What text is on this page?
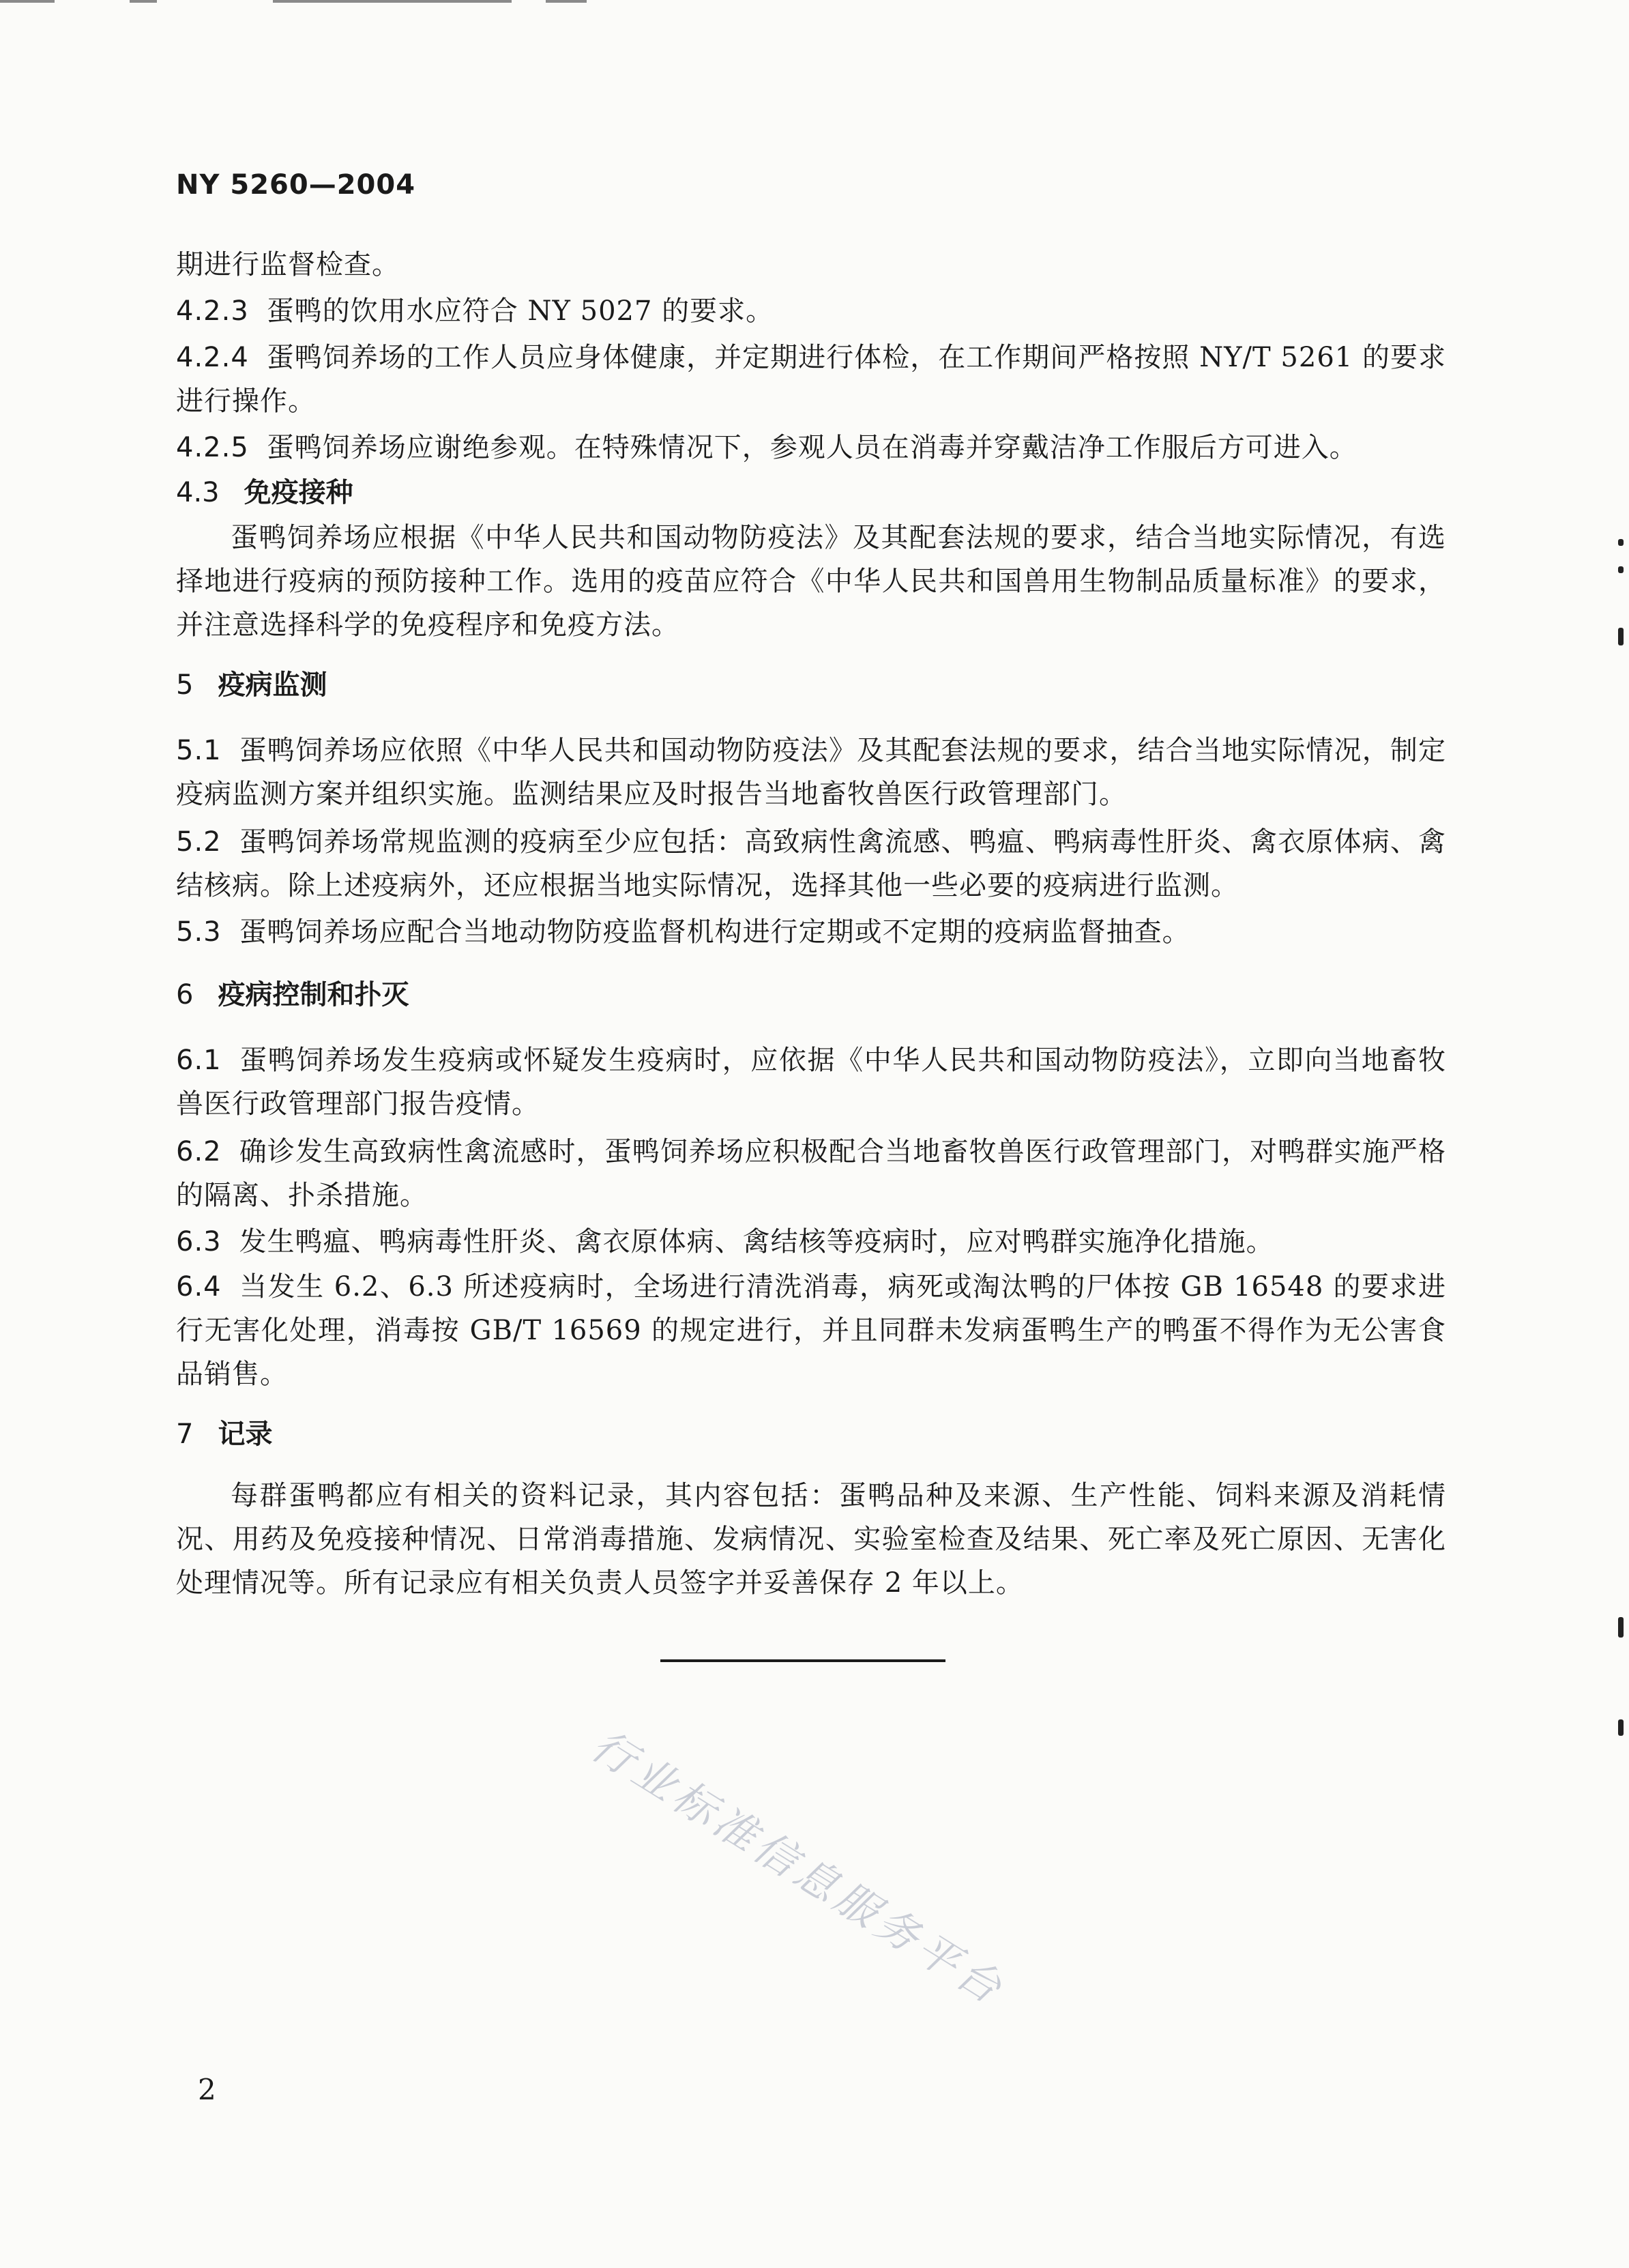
NY 5260—2004

期进行监督检查。

4.2.3 蛋鸭的饮用水应符合 NY 5027 的要求。

4.2.4 蛋鸭饲养场的工作人员应身体健康，并定期进行体检，在工作期间严格按照 NY/T 5261 的要求进行操作。

4.2.5 蛋鸭饲养场应谢绝参观。在特殊情况下，参观人员在消毒并穿戴洁净工作服后方可进入。

4.3 免疫接种

蛋鸭饲养场应根据《中华人民共和国动物防疫法》及其配套法规的要求，结合当地实际情况，有选择地进行疫病的预防接种工作。选用的疫苗应符合《中华人民共和国兽用生物制品质量标准》的要求，并注意选择科学的免疫程序和免疫方法。

5 疫病监测

5.1 蛋鸭饲养场应依照《中华人民共和国动物防疫法》及其配套法规的要求，结合当地实际情况，制定疫病监测方案并组织实施。监测结果应及时报告当地畜牧兽医行政管理部门。

5.2 蛋鸭饲养场常规监测的疫病至少应包括：高致病性禽流感、鸭瘟、鸭病毒性肝炎、禽衣原体病、禽结核病。除上述疫病外，还应根据当地实际情况，选择其他一些必要的疫病进行监测。

5.3 蛋鸭饲养场应配合当地动物防疫监督机构进行定期或不定期的疫病监督抽查。

6 疫病控制和扑灭

6.1 蛋鸭饲养场发生疫病或怀疑发生疫病时，应依据《中华人民共和国动物防疫法》，立即向当地畜牧兽医行政管理部门报告疫情。

6.2 确诊发生高致病性禽流感时，蛋鸭饲养场应积极配合当地畜牧兽医行政管理部门，对鸭群实施严格的隔离、扑杀措施。

6.3 发生鸭瘟、鸭病毒性肝炎、禽衣原体病、禽结核等疫病时，应对鸭群实施净化措施。

6.4 当发生 6.2、6.3 所述疫病时，全场进行清洗消毒，病死或淘汰鸭的尸体按 GB 16548 的要求进行无害化处理，消毒按 GB/T 16569 的规定进行，并且同群未发病蛋鸭生产的鸭蛋不得作为无公害食品销售。

7 记录

每群蛋鸭都应有相关的资料记录，其内容包括：蛋鸭品种及来源、生产性能、饲料来源及消耗情况、用药及免疫接种情况、日常消毒措施、发病情况、实验室检查及结果、死亡率及死亡原因、无害化处理情况等。所有记录应有相关负责人员签字并妥善保存 2 年以上。

行业标准信息服务平台
2
